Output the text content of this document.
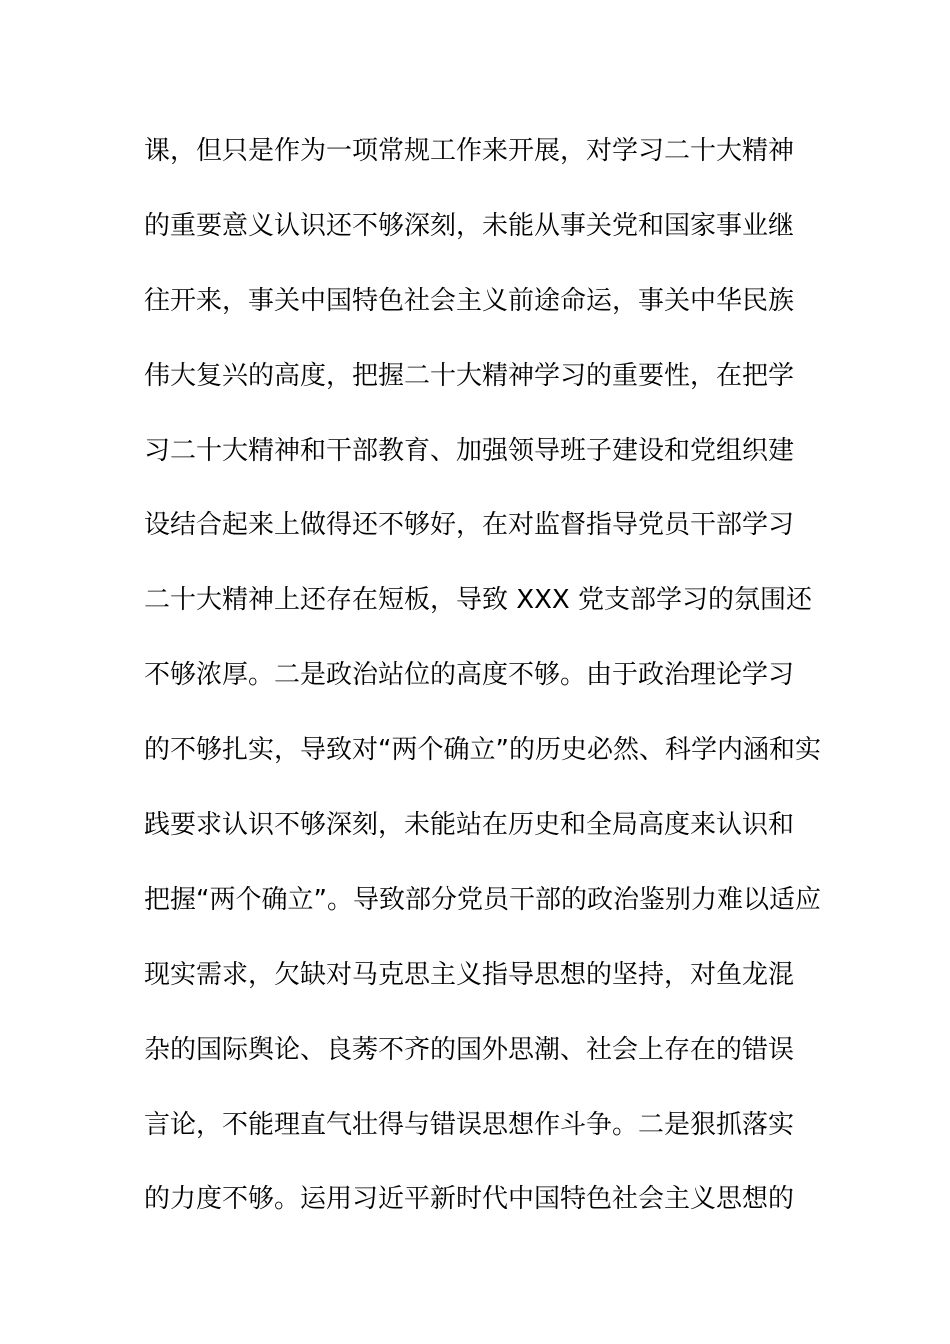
课，但只是作为一项常规工作来开展，对学习二十大精神
的重要意义认识还不够深刻，未能从事关党和国家事业继
往开来，事关中国特色社会主义前途命运，事关中华民族
伟大复兴的高度，把握二十大精神学习的重要性，在把学
习二十大精神和干部教育、加强领导班子建设和党组织建
设结合起来上做得还不够好，在对监督指导党员干部学习
二十大精神上还存在短板，导致 XXX 党支部学习的氛围还
不够浓厚。二是政治站位的高度不够。由于政治理论学习
的不够扎实，导致对“两个确立”的历史必然、科学内涵和实
践要求认识不够深刻，未能站在历史和全局高度来认识和
把握“两个确立”。导致部分党员干部的政治鉴别力难以适应
现实需求，欠缺对马克思主义指导思想的坚持，对鱼龙混
杂的国际舆论、良莠不齐的国外思潮、社会上存在的错误
言论，不能理直气壮得与错误思想作斗争。二是狠抓落实
的力度不够。运用习近平新时代中国特色社会主义思想的
